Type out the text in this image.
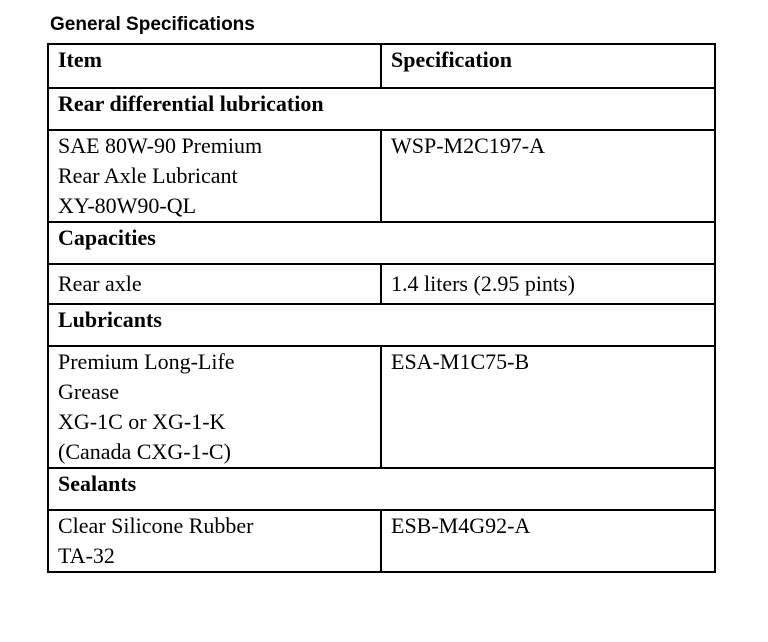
General Specifications
Item	Specification
Rear differential lubrication	

SAE 80W-90 Premium
Rear Axle Lubricant
XY-80W90-QL	WSP-M2C197-A
Capacities	

Rear axle	1.4 liters (2.95 pints)
Lubricants	

Premium Long-Life
Grease
XG-1C or XG-1-K
(Canada CXG-1-C)	ESA-M1C75-B
Sealants	

Clear Silicone Rubber
TA-32	ESB-M4G92-A
